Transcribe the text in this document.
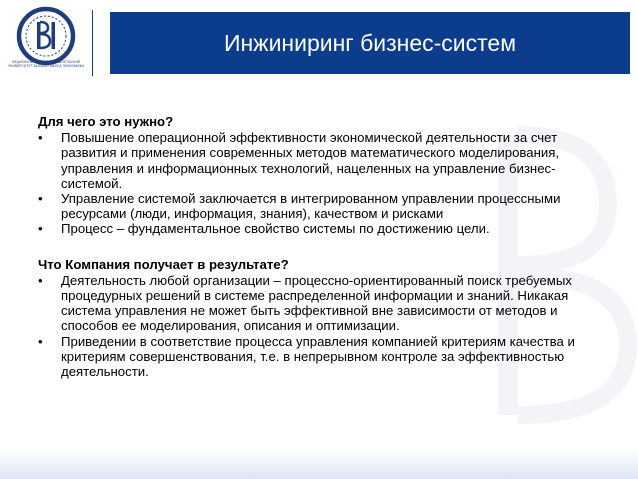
НАЦИОНАЛЬНЫЙ ИССЛЕДОВАТЕЛЬСКИЙ УНИВЕРСИТЕТ ВЫСШАЯ ШКОЛА ЭКОНОМИКИ
Инжиниринг бизнес-систем
Для чего это нужно?
• Повышение операционной эффективности экономической деятельности за счет развития и применения современных методов математического моделирования, управления и информационных технологий, нацеленных на управление бизнес-системой.
• Управление системой заключается в интегрированном управлении процессными ресурсами (люди, информация, знания), качеством и рисками
• Процесс – фундаментальное свойство системы по достижению цели.
Что Компания получает в результате?
• Деятельность любой организации – процессно-ориентированный поиск требуемых процедурных решений в системе распределенной информации и знаний. Никакая система управления не может быть эффективной вне зависимости от методов и способов ее моделирования, описания и оптимизации.
• Приведении в соответствие процесса управления компанией критериям качества и критериям совершенствования, т.е. в непрерывном контроле за эффективностью деятельности.
